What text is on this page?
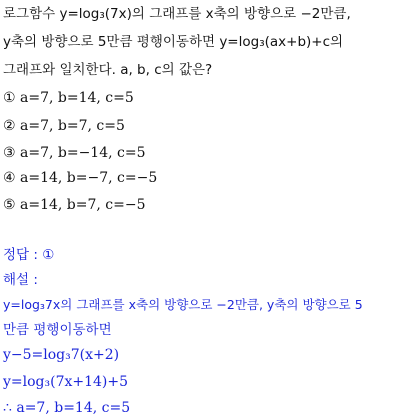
로그함수 y=log₃(7x)의 그래프를 x축의 방향으로 −2만큼,
y축의 방향으로 5만큼 평행이동하면 y=log₃(ax+b)+c의
그래프와 일치한다. a, b, c의 값은?
① a=7, b=14, c=5
② a=7, b=7, c=5
③ a=7, b=−14, c=5
④ a=14, b=−7, c=−5
⑤ a=14, b=7, c=−5
정답 : ①
해설 :
y=log₃7x의 그래프를 x축의 방향으로 −2만큼, y축의 방향으로 5
만큼 평행이동하면
y−5=log₃7(x+2)
y=log₃(7x+14)+5
∴ a=7, b=14, c=5
